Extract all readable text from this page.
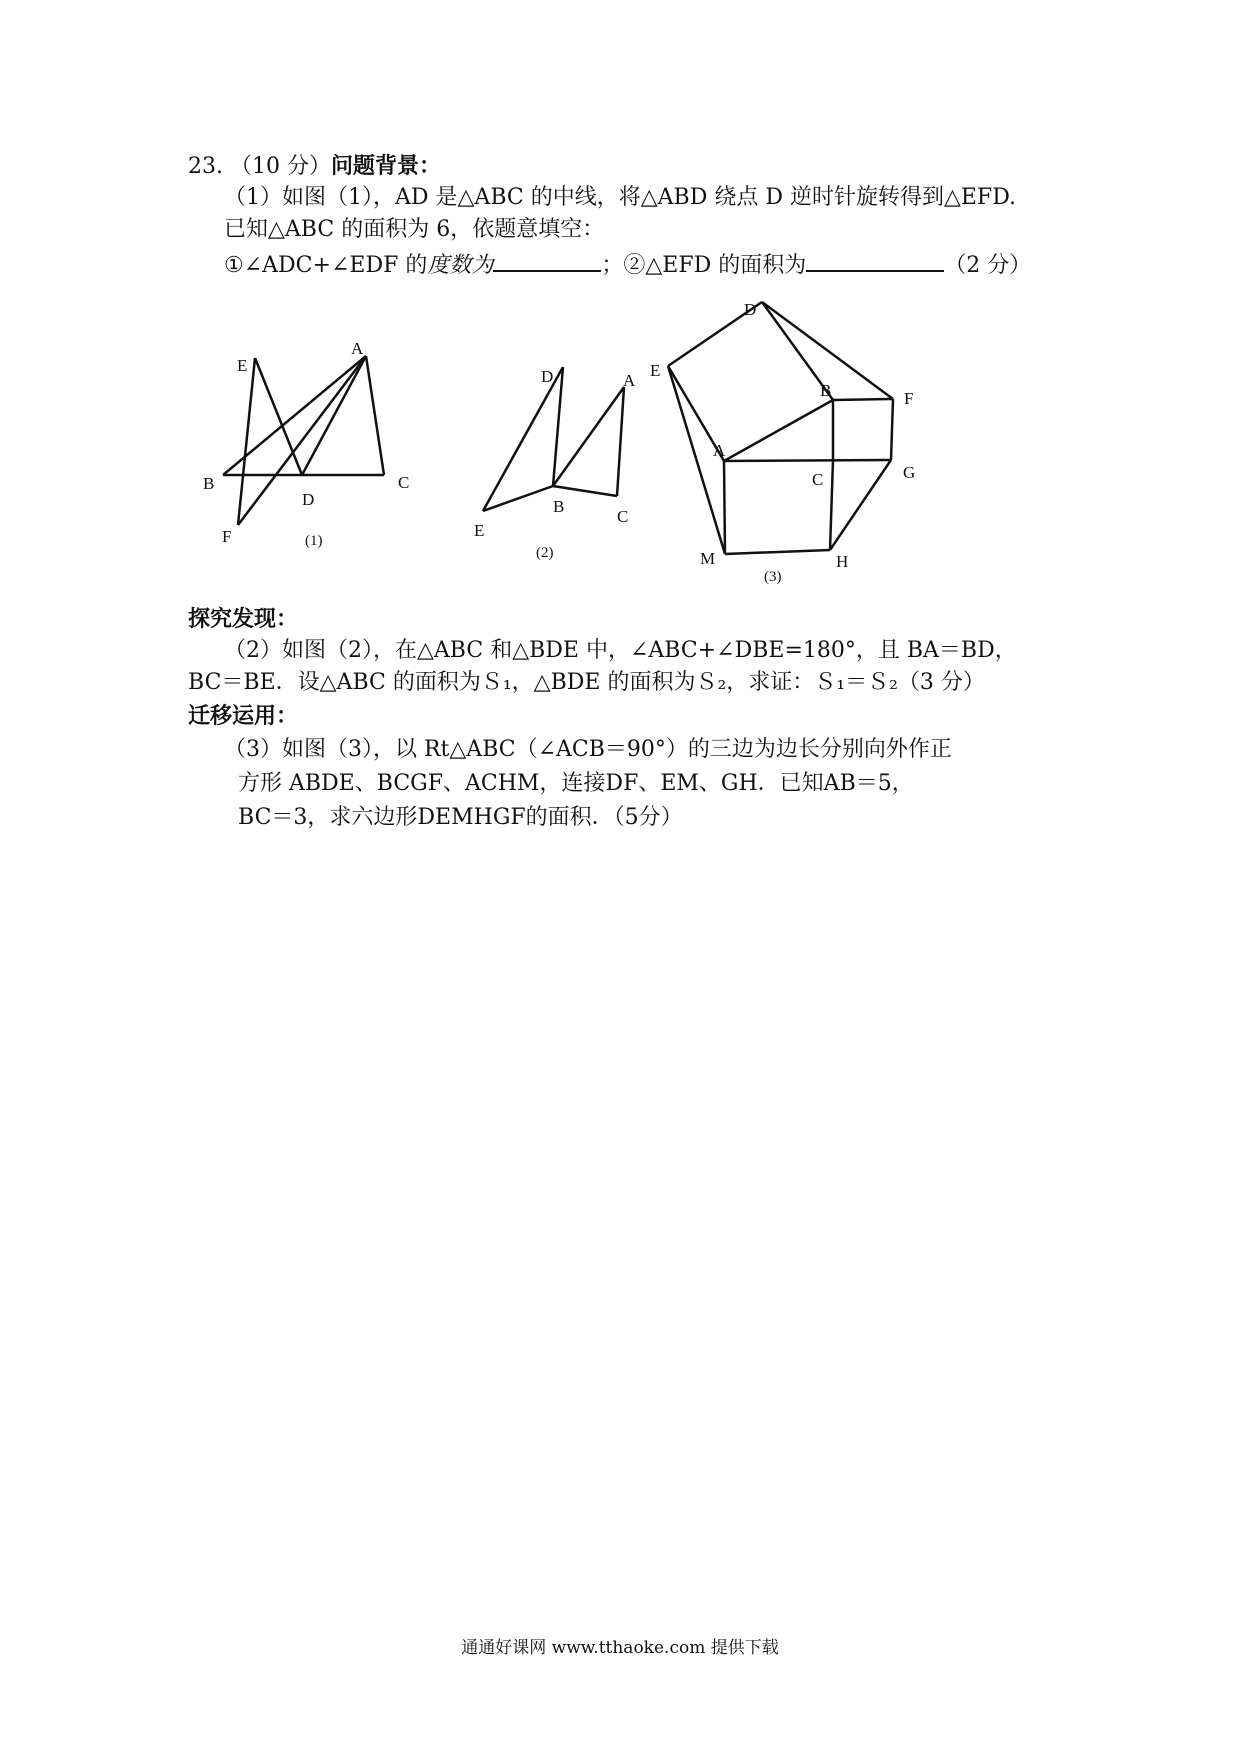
23. （10 分）问题背景：
（1）如图（1），AD 是△ABC 的中线，将△ABD 绕点 D 逆时针旋转得到△EFD.
已知△ABC 的面积为 6，依题意填空：
①∠ADC+∠EDF 的度数为	；②△EFD 的面积为	（2 分）
E
A
B
D
C
F	(1)
D	A
B
E
C
(2)
D
E
B	F
A
C	G
M	H
(3)
探究发现：
（2）如图（2），在△ABC 和△BDE 中，∠ABC+∠DBE=180°，且 BA＝BD，
BC＝BE．设△ABC 的面积为Ｓ₁，△BDE 的面积为Ｓ₂，求证：Ｓ₁＝Ｓ₂（3 分）
迁移运用：
（3）如图（3），以 Rt△ABC（∠ACB＝90°）的三边为边长分别向外作正
方形 ABDE、BCGF、ACHM，连接DF、EM、GH．已知AB＝5，
BC＝3，求六边形DEMHGF的面积．（5分）
通通好课网 www.tthaoke.com 提供下载
